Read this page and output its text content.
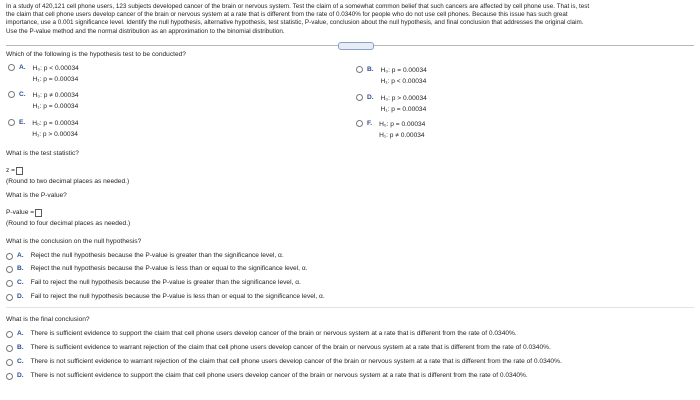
In a study of 420,121 cell phone users, 123 subjects developed cancer of the brain or nervous system. Test the claim of a somewhat common belief that such cancers are affected by cell phone use. That is, test
the claim that cell phone users develop cancer of the brain or nervous system at a rate that is different from the rate of 0.0340% for people who do not use cell phones. Because this issue has such great
importance, use a 0.001 significance level. Identify the null hypothesis, alternative hypothesis, test statistic, P-value, conclusion about the null hypothesis, and final conclusion that addresses the original claim.
Use the P-value method and the normal distribution as an approximation to the binomial distribution.
Which of the following is the hypothesis test to be conducted?
A. H₀: p < 0.00034
H₁: p = 0.00034
B. H₀: p = 0.00034
H₁: p < 0.00034
C. H₀: p ≠ 0.00034
H₁: p = 0.00034
D. H₀: p > 0.00034
H₁: p = 0.00034
E. H₀: p = 0.00034
H₁: p > 0.00034
F. H₀: p = 0.00034
H₁: p ≠ 0.00034
What is the test statistic?
z =
(Round to two decimal places as needed.)
What is the P-value?
P-value =
(Round to four decimal places as needed.)
What is the conclusion on the null hypothesis?
A. Reject the null hypothesis because the P-value is greater than the significance level, α.
B. Reject the null hypothesis because the P-value is less than or equal to the significance level, α.
C. Fail to reject the null hypothesis because the P-value is greater than the significance level, α.
D. Fail to reject the null hypothesis because the P-value is less than or equal to the significance level, α.
What is the final conclusion?
A. There is sufficient evidence to support the claim that cell phone users develop cancer of the brain or nervous system at a rate that is different from the rate of 0.0340%.
B. There is sufficient evidence to warrant rejection of the claim that cell phone users develop cancer of the brain or nervous system at a rate that is different from the rate of 0.0340%.
C. There is not sufficient evidence to warrant rejection of the claim that cell phone users develop cancer of the brain or nervous system at a rate that is different from the rate of 0.0340%.
D. There is not sufficient evidence to support the claim that cell phone users develop cancer of the brain or nervous system at a rate that is different from the rate of 0.0340%.
